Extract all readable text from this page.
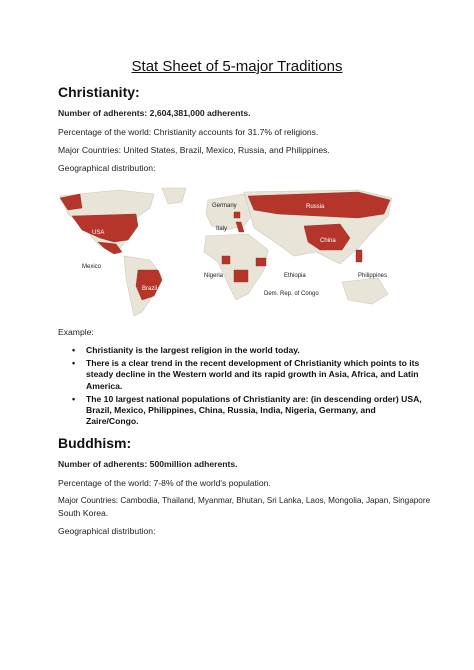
Stat Sheet of 5-major Traditions
Christianity:
Number of adherents: 2,604,381,000 adherents.
Percentage of the world: Christianity accounts for 31.7% of religions.
Major Countries: United States, Brazil, Mexico, Russia, and Philippines.
Geographical distribution:
Germany	Russia
USA
Italy
China
Mexico
Nigeria	Ethiopia	Philippines
Brazil
Dem. Rep. of Congo
Example:
• Christianity is the largest religion in the world today.
• There is a clear trend in the recent development of Christianity which points to its steady decline in the Western world and its rapid growth in Asia, Africa, and Latin America.
• The 10 largest national populations of Christianity are: (in descending order) USA, Brazil, Mexico, Philippines, China, Russia, India, Nigeria, Germany, and Zaire/Congo.
Buddhism:
Number of adherents: 500million adherents.
Percentage of the world: 7-8% of the world's population.
Major Countries: Cambodia, Thailand, Myanmar, Bhutan, Sri Lanka, Laos, Mongolia, Japan, Singapore
South Korea.
Geographical distribution:
